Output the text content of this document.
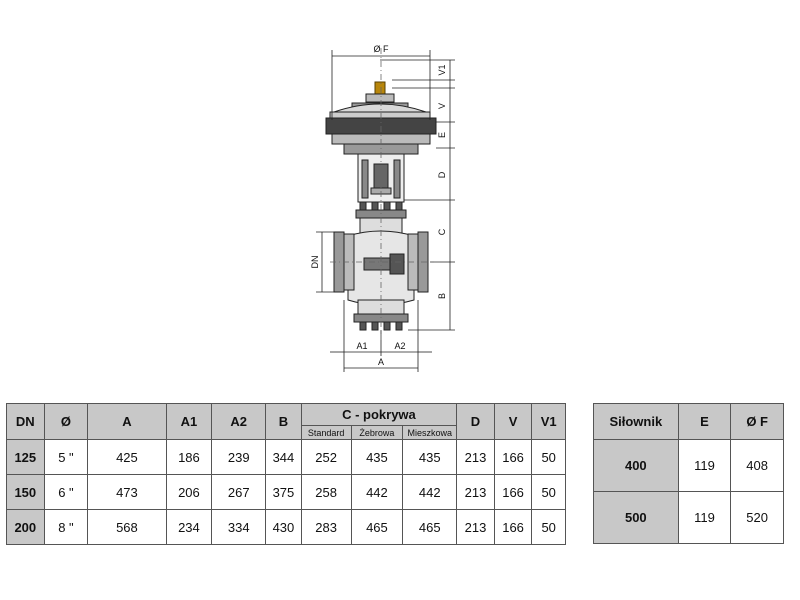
Ø F
V1
V
E
D
C
B
DN
A1	A2
A
DN	Ø	A	A1	A2	B	C - pokrywa			D	V	V1
						Standard	Żebrowa	Mieszkowa			
125	5 "	425	186	239	344	252	435	435	213	166	50
150	6 "	473	206	267	375	258	442	442	213	166	50
200	8 "	568	234	334	430	283	465	465	213	166	50
Siłownik	E	Ø F
400	119	408
500	119	520
